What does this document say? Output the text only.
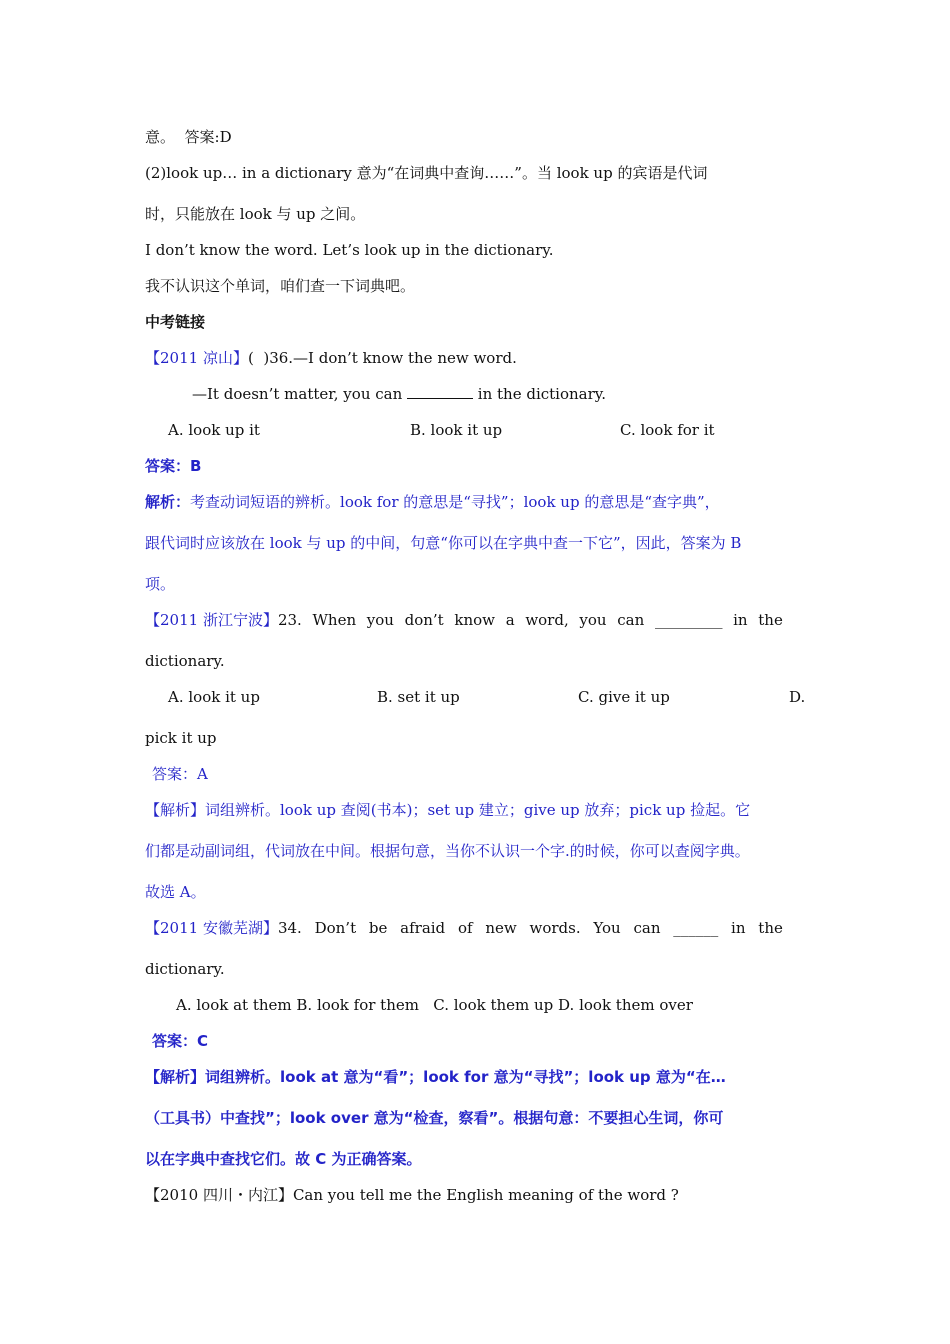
意。  答案:D
(2)look up… in a dictionary 意为“在词典中查询……”。当 look up 的宾语是代词
时，只能放在 look 与 up 之间。
I don’t know the word. Let’s look up in the dictionary.
我不认识这个单词，咱们查一下词典吧。
中考链接
【2011 凉山】(  )36.—I don’t know the new word.
—It doesn’t matter, you can	in the dictionary.
A. look up it	B. look it up	C. look for it
答案：B
解析：考查动词短语的辨析。look for 的意思是“寻找”；look up 的意思是“查字典”，
跟代词时应该放在 look 与 up 的中间，句意“你可以在字典中查一下它”，因此，答案为 B
项。
【2011 浙江宁波】 23. When you don’t know a word, you can _________ in the
dictionary.
A. look it up	B. set it up	C. give it up	D.
pick it up
答案：A
【解析】词组辨析。look up 查阅(书本)；set up 建立；give up 放弃；pick up 捡起。它
们都是动副词组，代词放在中间。根据句意，当你不认识一个字.的时候，你可以查阅字典。
故选 A。
【2011 安徽芜湖】 34. Don’t be afraid of new words. You can ______ in the
dictionary.
A. look at them B. look for them   C. look them up D. look them over
答案：C
【解析】词组辨析。look at 意为“看”；look for 意为“寻找”；look up 意为“在…
（工具书）中查找”；look over 意为“检查，察看”。根据句意：不要担心生词，你可
以在字典中查找它们。故 C 为正确答案。
【2010 四川・内江】Can you tell me the English meaning of the word ?
